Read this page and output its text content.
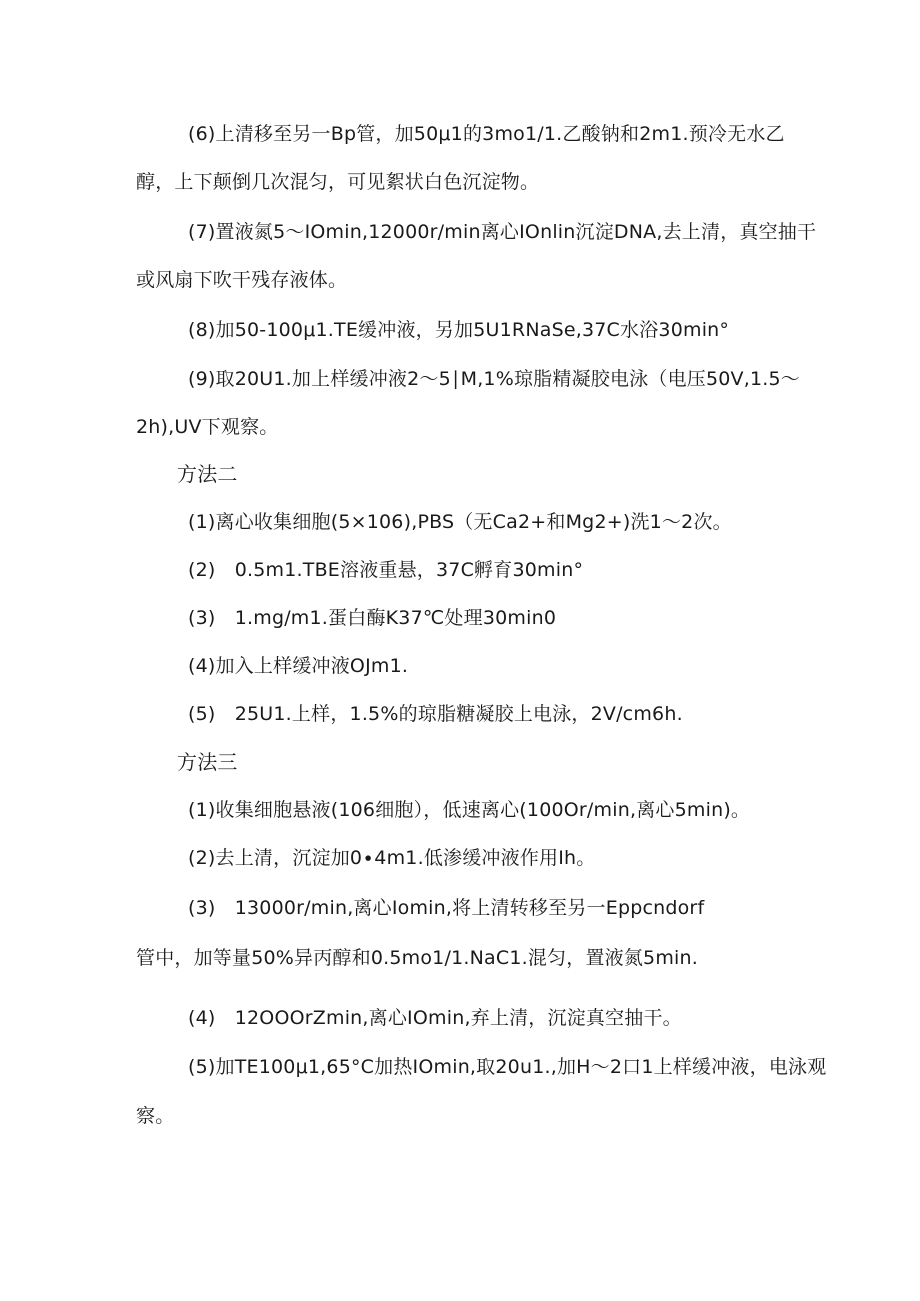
(6)上清移至另一Bp管，加50μ1的3mo1/1.乙酸钠和2m1.预冷无水乙
醇，上下颠倒几次混匀，可见絮状白色沉淀物。
(7)置液氮5〜IOmin,12000r/min离心IOnlin沉淀DNA,去上清，真空抽干
或风扇下吹干残存液体。
(8)加50-100μ1.TE缓冲液，另加5U1RNaSe,37C水浴30min°
(9)取20U1.加上样缓冲液2〜5∣M,1%琼脂精凝胶电泳（电压50V,1.5〜
2h),UV下观察。
方法二
(1)离心收集细胞(5×106),PBS（无Ca2+和Mg2+)洗1〜2次。
(2)　0.5m1.TBE溶液重悬，37C孵育30min°
(3)　1.mg/m1.蛋白酶K37℃处理30min0
(4)加入上样缓冲液OJm1.
(5)　25U1.上样，1.5%的琼脂糖凝胶上电泳，2V/cm6h.
方法三
(1)收集细胞悬液(106细胞），低速离心(100Or/min,离心5min)。
(2)去上清，沉淀加0∙4m1.低渗缓冲液作用Ih。
(3)　13000r/min,离心Iomin,将上清转移至另一Eppcndorf
管中，加等量50%异丙醇和0.5mo1/1.NaC1.混匀，置液氮5min.
(4)　12OOOrZmin,离心IOmin,弃上清，沉淀真空抽干。
(5)加TE100μ1,65°C加热IOmin,取20u1.,加H〜2口1上样缓冲液，电泳观
察。
